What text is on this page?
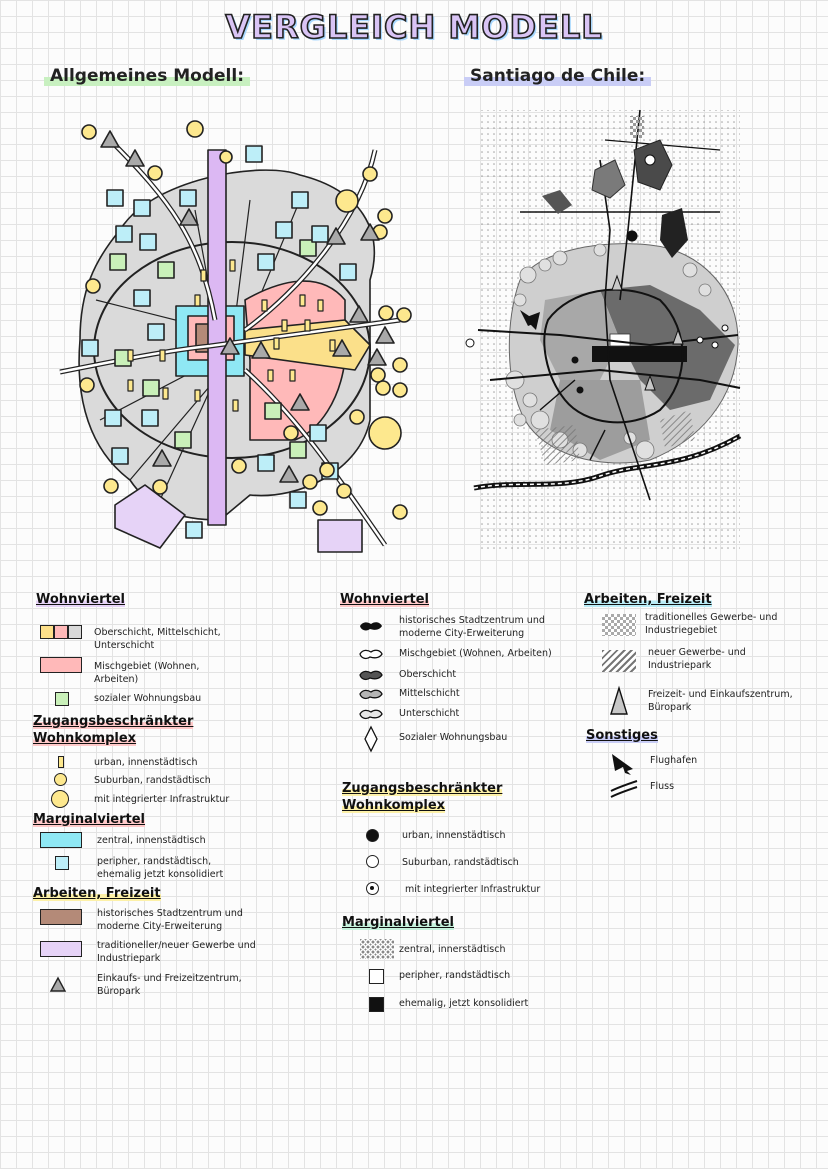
VERGLEICH MODELL
Allgemeines Modell:	Santiago de Chile:
Wohnviertel
Oberschicht, Mittelschicht, Unterschicht
Mischgebiet (Wohnen, Arbeiten)
sozialer Wohnungsbau
Zugangsbeschränkter
Wohnkomplex
urban, innenstädtisch
Suburban, randstädtisch
mit integrierter Infrastruktur
Marginalviertel
zentral, innenstädtisch
peripher, randstädtisch, ehemalig jetzt konsolidiert
Arbeiten, Freizeit
historisches Stadtzentrum und moderne City-Erweiterung
traditioneller/neuer Gewerbe und Industriepark
Einkaufs- und Freizeitzentrum, Büropark
Wohnviertel
historisches Stadtzentrum und moderne City-Erweiterung
Mischgebiet (Wohnen, Arbeiten)
Oberschicht
Mittelschicht
Unterschicht
Sozialer Wohnungsbau
Zugangsbeschränkter
Wohnkomplex
urban, innenstädtisch
Suburban, randstädtisch
mit integrierter Infrastruktur
Marginalviertel
zentral, innerstädtisch
peripher, randstädtisch
ehemalig, jetzt konsolidiert
Arbeiten, Freizeit
traditionelles Gewerbe- und Industriegebiet
neuer Gewerbe- und Industriepark
Freizeit- und Einkaufszentrum, Büropark
Sonstiges
Flughafen
Fluss
